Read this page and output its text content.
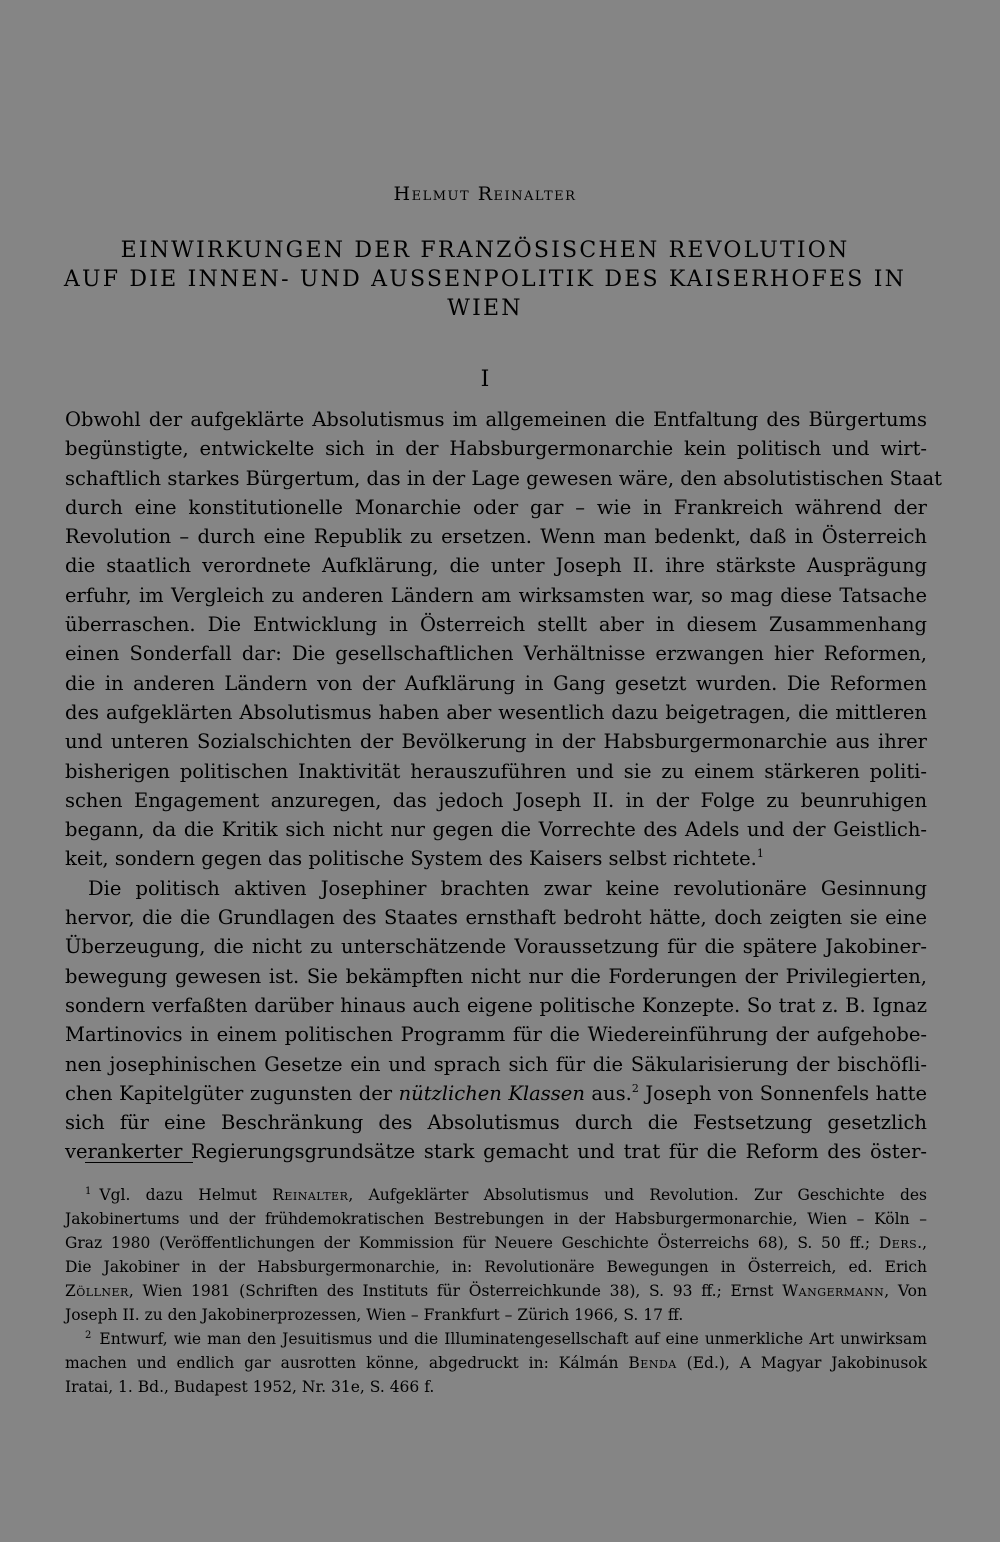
Helmut Reinalter
EINWIRKUNGEN DER FRANZÖSISCHEN REVOLUTION
AUF DIE INNEN- UND AUSSENPOLITIK DES KAISERHOFES IN
WIEN
I
Obwohl der aufgeklärte Absolutismus im allgemeinen die Entfaltung des Bürgertums
begünstigte, entwickelte sich in der Habsburgermonarchie kein politisch und wirt-
schaftlich starkes Bürgertum, das in der Lage gewesen wäre, den absolutistischen Staat
durch eine konstitutionelle Monarchie oder gar – wie in Frankreich während der
Revolution – durch eine Republik zu ersetzen. Wenn man bedenkt, daß in Österreich
die staatlich verordnete Aufklärung, die unter Joseph II. ihre stärkste Ausprägung
erfuhr, im Vergleich zu anderen Ländern am wirksamsten war, so mag diese Tatsache
überraschen. Die Entwicklung in Österreich stellt aber in diesem Zusammenhang
einen Sonderfall dar: Die gesellschaftlichen Verhältnisse erzwangen hier Reformen,
die in anderen Ländern von der Aufklärung in Gang gesetzt wurden. Die Reformen
des aufgeklärten Absolutismus haben aber wesentlich dazu beigetragen, die mittleren
und unteren Sozialschichten der Bevölkerung in der Habsburgermonarchie aus ihrer
bisherigen politischen Inaktivität herauszuführen und sie zu einem stärkeren politi-
schen Engagement anzuregen, das jedoch Joseph II. in der Folge zu beunruhigen
begann, da die Kritik sich nicht nur gegen die Vorrechte des Adels und der Geistlich-
keit, sondern gegen das politische System des Kaisers selbst richtete.$^1$
Die politisch aktiven Josephiner brachten zwar keine revolutionäre Gesinnung
hervor, die die Grundlagen des Staates ernsthaft bedroht hätte, doch zeigten sie eine
Überzeugung, die nicht zu unterschätzende Voraussetzung für die spätere Jakobiner-
bewegung gewesen ist. Sie bekämpften nicht nur die Forderungen der Privilegierten,
sondern verfaßten darüber hinaus auch eigene politische Konzepte. So trat z. B. Ignaz
Martinovics in einem politischen Programm für die Wiedereinführung der aufgehobe-
nen josephinischen Gesetze ein und sprach sich für die Säkularisierung der bischöfli-
chen Kapitelgüter zugunsten der nützlichen Klassen aus.$^2$ Joseph von Sonnenfels hatte
sich für eine Beschränkung des Absolutismus durch die Festsetzung gesetzlich
verankerter Regierungsgrundsätze stark gemacht und trat für die Reform des öster-
$^1$ Vgl. dazu Helmut Reinalter, Aufgeklärter Absolutismus und Revolution. Zur Geschichte des
Jakobinertums und der frühdemokratischen Bestrebungen in der Habsburgermonarchie, Wien – Köln –
Graz 1980 (Veröffentlichungen der Kommission für Neuere Geschichte Österreichs 68), S. 50 ff.; Ders.,
Die Jakobiner in der Habsburgermonarchie, in: Revolutionäre Bewegungen in Österreich, ed. Erich
Zöllner, Wien 1981 (Schriften des Instituts für Österreichkunde 38), S. 93 ff.; Ernst Wangermann, Von
Joseph II. zu den Jakobinerprozessen, Wien – Frankfurt – Zürich 1966, S. 17 ff.
$^2$ Entwurf, wie man den Jesuitismus und die Illuminatengesellschaft auf eine unmerkliche Art unwirksam
machen und endlich gar ausrotten könne, abgedruckt in: Kálmán Benda (Ed.), A Magyar Jakobinusok
Iratai, 1. Bd., Budapest 1952, Nr. 31e, S. 466 f.
